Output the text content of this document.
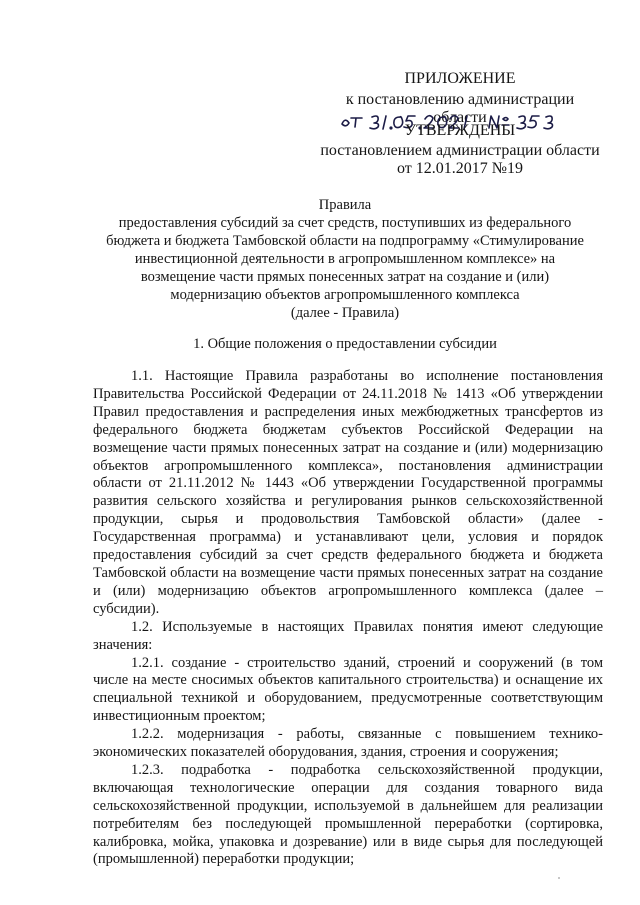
ПРИЛОЖЕНИЕ
к постановлению администрации области
УТВЕРЖДЕНЫ
постановлением администрации области
от 12.01.2017 №19
Правила
предоставления субсидий за счет средств, поступивших из федерального
бюджета и бюджета Тамбовской области на подпрограмму «Стимулирование
инвестиционной деятельности в агропромышленном комплексе» на
возмещение части прямых понесенных затрат на создание и (или)
модернизацию объектов агропромышленного комплекса
(далее - Правила)
1. Общие положения о предоставлении субсидии

1.1. Настоящие Правила разработаны во исполнение постановления Правительства Российской Федерации от 24.11.2018 № 1413 «Об утверждении Правил предоставления и распределения иных межбюджетных трансфертов из федерального бюджета бюджетам субъектов Российской Федерации на возмещение части прямых понесенных затрат на создание и (или) модернизацию объектов агропромышленного комплекса», постановления администрации области от 21.11.2012 № 1443 «Об утверждении Государственной программы развития сельского хозяйства и регулирования рынков сельскохозяйственной продукции, сырья и продовольствия Тамбовской области» (далее - Государственная программа) и устанавливают цели, условия и порядок предоставления субсидий за счет средств федерального бюджета и бюджета Тамбовской области на возмещение части прямых понесенных затрат на создание и (или) модернизацию объектов агропромышленного комплекса (далее – субсидии).

1.2. Используемые в настоящих Правилах понятия имеют следующие значения:

1.2.1. создание - строительство зданий, строений и сооружений (в том числе на месте сносимых объектов капитального строительства) и оснащение их специальной техникой и оборудованием, предусмотренные соответствующим инвестиционным проектом;

1.2.2. модернизация - работы, связанные с повышением технико-экономических показателей оборудования, здания, строения и сооружения;

1.2.3. подработка - подработка сельскохозяйственной продукции, включающая технологические операции для создания товарного вида сельскохозяйственной продукции, используемой в дальнейшем для реализации потребителям без последующей промышленной переработки (сортировка, калибровка, мойка, упаковка и дозревание) или в виде сырья для последующей (промышленной) переработки продукции;
